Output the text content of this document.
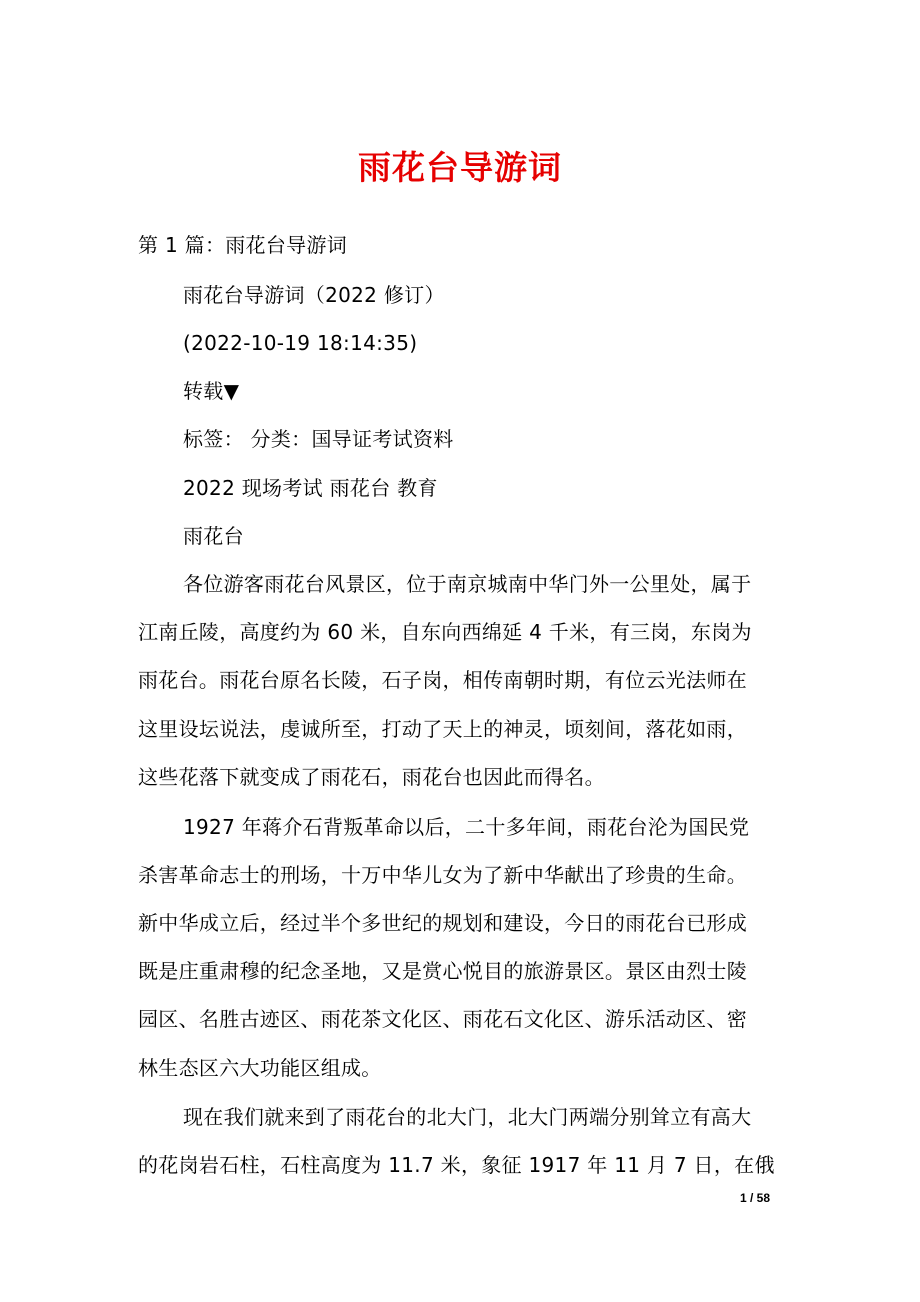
雨花台导游词
第 1 篇：雨花台导游词
雨花台导游词（2022 修订）
(2022-10-19 18:14:35)
转载▼
标签： 分类：国导证考试资料
2022 现场考试 雨花台 教育
雨花台
各位游客雨花台风景区，位于南京城南中华门外一公里处，属于
江南丘陵，高度约为 60 米，自东向西绵延 4 千米，有三岗，东岗为
雨花台。雨花台原名长陵，石子岗，相传南朝时期，有位云光法师在
这里设坛说法，虔诚所至，打动了天上的神灵，顷刻间，落花如雨，
这些花落下就变成了雨花石，雨花台也因此而得名。
1927 年蒋介石背叛革命以后，二十多年间，雨花台沦为国民党
杀害革命志士的刑场，十万中华儿女为了新中华献出了珍贵的生命。
新中华成立后，经过半个多世纪的规划和建设，今日的雨花台已形成
既是庄重肃穆的纪念圣地，又是赏心悦目的旅游景区。景区由烈士陵
园区、名胜古迹区、雨花茶文化区、雨花石文化区、游乐活动区、密
林生态区六大功能区组成。
现在我们就来到了雨花台的北大门，北大门两端分别耸立有高大
的花岗岩石柱，石柱高度为 11.7 米，象征 1917 年 11 月 7 日，在俄
1 / 58
